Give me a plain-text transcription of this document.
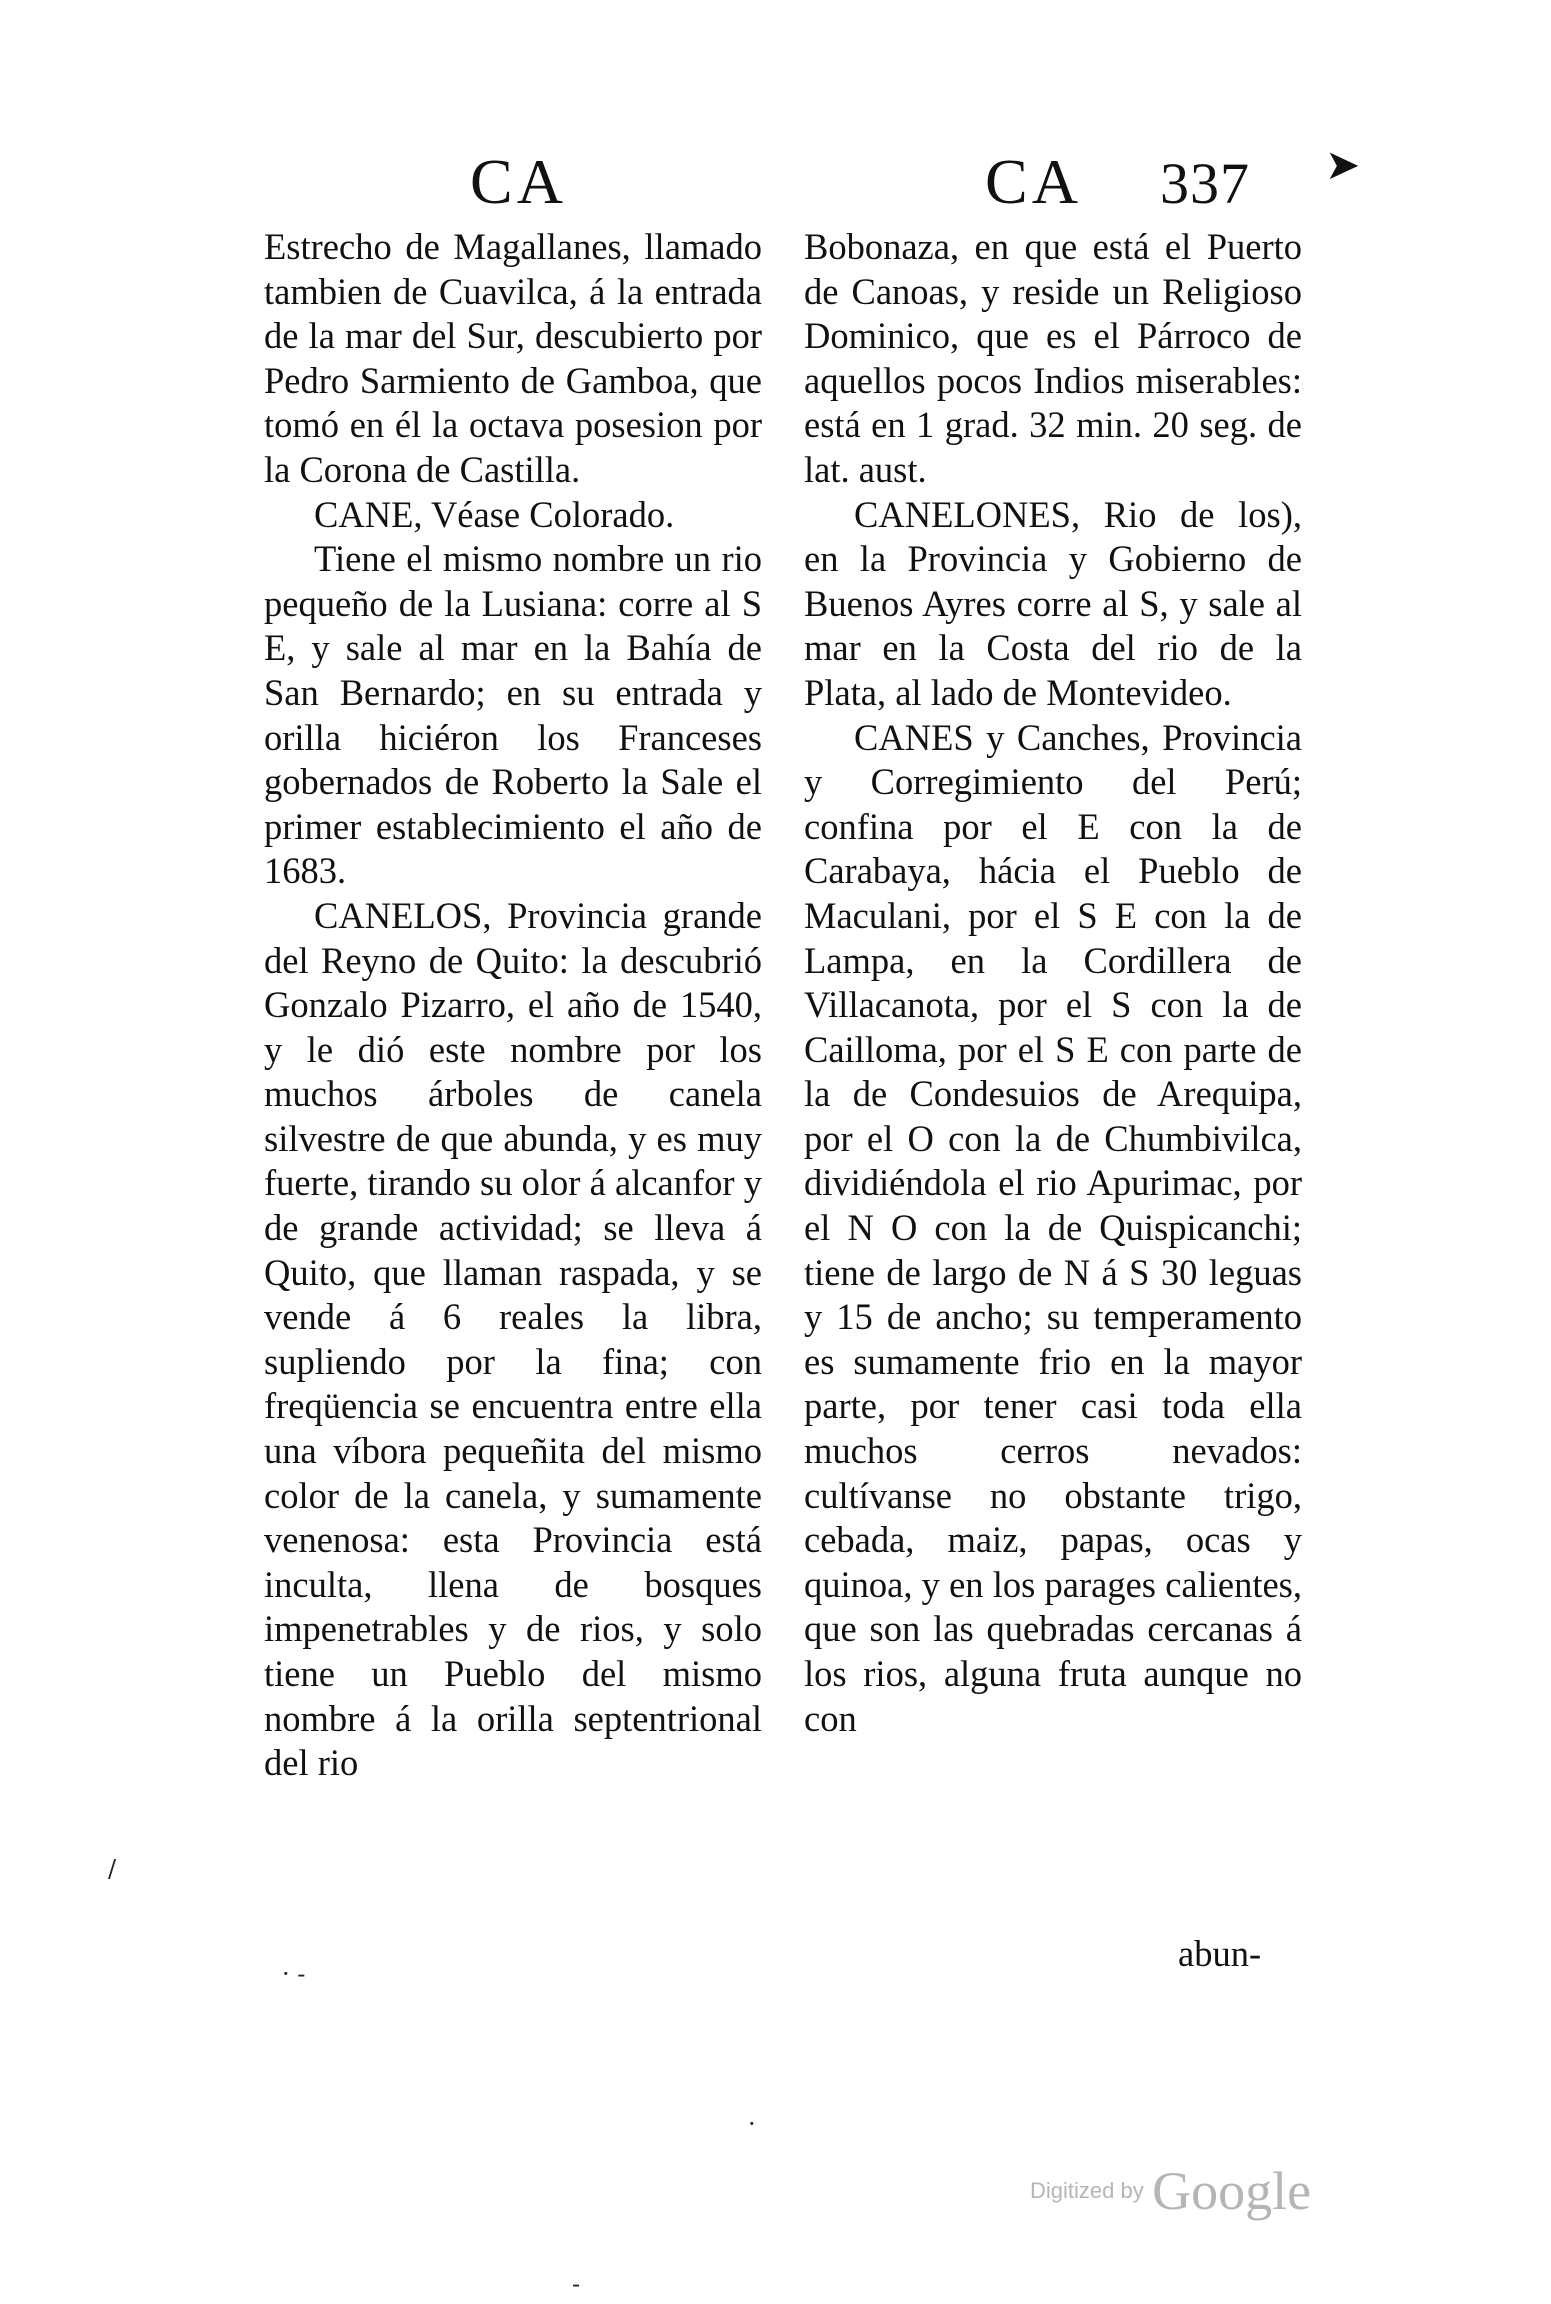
CA	CA 337 ➤

Estrecho de Magallanes, llamado tambien de Cuavilca, á la entrada de la mar del Sur, descubierto por Pedro Sarmiento de Gamboa, que tomó en él la octava posesion por la Corona de Castilla.

CANE, Véase Colorado.

Tiene el mismo nombre un rio pequeño de la Lusiana: corre al S E, y sale al mar en la Bahía de San Bernardo; en su entrada y orilla hiciéron los Franceses gobernados de Roberto la Sale el primer establecimiento el año de 1683.

CANELOS, Provincia grande del Reyno de Quito: la descubrió Gonzalo Pizarro, el año de 1540, y le dió este nombre por los muchos árboles de canela silvestre de que abunda, y es muy fuerte, tirando su olor á alcanfor y de grande actividad; se lleva á Quito, que llaman raspada, y se vende á 6 reales la libra, supliendo por la fina; con freqüencia se encuentra entre ella una víbora pequeñita del mismo color de la canela, y sumamente venenosa: esta Provincia está inculta, llena de bosques impenetrables y de rios, y solo tiene un Pueblo del mismo nombre á la orilla septentrional del rio

Bobonaza, en que está el Puerto de Canoas, y reside un Religioso Dominico, que es el Párroco de aquellos pocos Indios miserables: está en 1 grad. 32 min. 20 seg. de lat. aust.

CANELONES, Rio de los), en la Provincia y Gobierno de Buenos Ayres corre al S, y sale al mar en la Costa del rio de la Plata, al lado de Montevideo.

CANES y Canches, Provincia y Corregimiento del Perú; confina por el E con la de Carabaya, hácia el Pueblo de Maculani, por el S E con la de Lampa, en la Cordillera de Villacanota, por el S con la de Cailloma, por el S E con parte de la de Condesuios de Arequipa, por el O con la de Chumbivilca, dividiéndola el rio Apurimac, por el N O con la de Quispicanchi; tiene de largo de N á S 30 leguas y 15 de ancho; su temperamento es sumamente frio en la mayor parte, por tener casi toda ella muchos cerros nevados: cultívanse no obstante trigo, cebada, maiz, papas, ocas y quinoa, y en los parages calientes, que son las quebradas cercanas á los rios, alguna fruta aunque no con

abun-
/
· -
·
-
Digitized by Google
